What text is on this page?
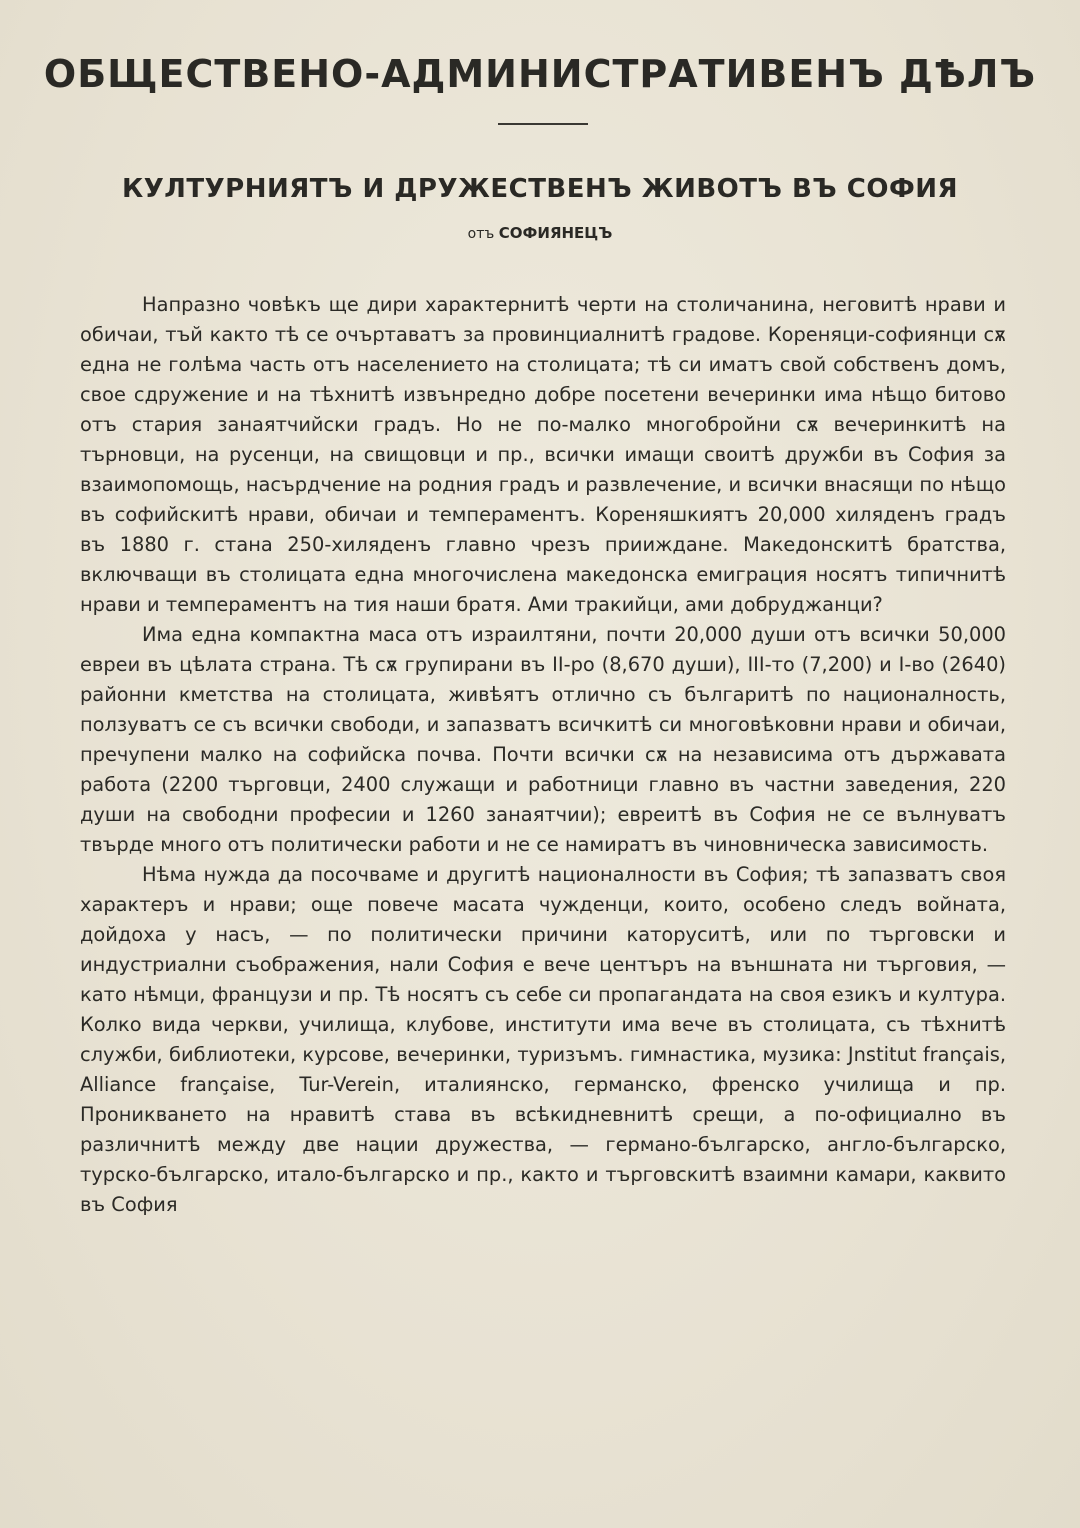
ОБЩЕСТВЕНО-АДМИНИСТРАТИВЕНЪ ДѢЛЪ
КУЛТУРНИЯТЪ И ДРУЖЕСТВЕНЪ ЖИВОТЪ ВЪ СОФИЯ
отъ СОФИЯНЕЦЪ

Напразно човѣкъ ще дири характернитѣ черти на столичанина, неговитѣ нрави и обичаи, тъй както тѣ се очъртаватъ за провинциалнитѣ градове. Кореняци-софиянци сѫ една не голѣма часть отъ населението на столицата; тѣ си иматъ свой собственъ домъ, свое сдружение и на тѣхнитѣ извънредно добре посетени вечеринки има нѣщо битово отъ стария занаятчийски градъ. Но не по-малко многобройни сѫ вечеринкитѣ на търновци, на русенци, на свищовци и пр., всички имащи своитѣ дружби въ София за взаимопомощь, насърдчение на родния градъ и развлечение, и всички внасящи по нѣщо въ софийскитѣ нрави, обичаи и темпераментъ. Кореняшкиятъ 20,000 хиляденъ градъ въ 1880 г. стана 250-хиляденъ главно чрезъ прииждане. Македонскитѣ братства, включващи въ столицата една многочислена македонска емиграция носятъ типичнитѣ нрави и темпераментъ на тия наши братя. Ами тракийци, ами добруджанци?

Има една компактна маса отъ израилтяни, почти 20,000 души отъ всички 50,000 евреи въ цѣлата страна. Тѣ сѫ групирани въ II-ро (8,670 души), III-то (7,200) и I-во (2640) районни кметства на столицата, живѣятъ отлично съ българитѣ по националность, ползуватъ се съ всички свободи, и запазватъ всичкитѣ си многовѣковни нрави и обичаи, пречупени малко на софийска почва. Почти всички сѫ на независима отъ държавата работа (2200 търговци, 2400 служащи и работници главно въ частни заведения, 220 души на свободни професии и 1260 занаятчии); евреитѣ въ София не се вълнуватъ твърде много отъ политически работи и не се намиратъ въ чиновническа зависимость.

Нѣма нужда да посочваме и другитѣ националности въ София; тѣ запазватъ своя характеръ и нрави; още повече масата чужденци, които, особено следъ войната, дойдоха у насъ, — по политически причини каторуситѣ, или по търговски и индустриални съображения, нали София е вече центъръ на външната ни търговия, — като нѣмци, французи и пр. Тѣ носятъ съ себе си пропагандата на своя езикъ и култура. Колко вида черкви, училища, клубове, институти има вече въ столицата, съ тѣхнитѣ служби, библиотеки, курсове, вечеринки, туризъмъ. гимнастика, музика: Jnstitut français, Alliance française, Tur-Verein, италиянско, германско, френско училища и пр. Проникването на нравитѣ става въ всѣкидневнитѣ срещи, а по-официално въ различнитѣ между две нации дружества, — германо-българско, англо-българско, турско-българско, итало-българско и пр., както и търговскитѣ взаимни камари, каквито въ София
